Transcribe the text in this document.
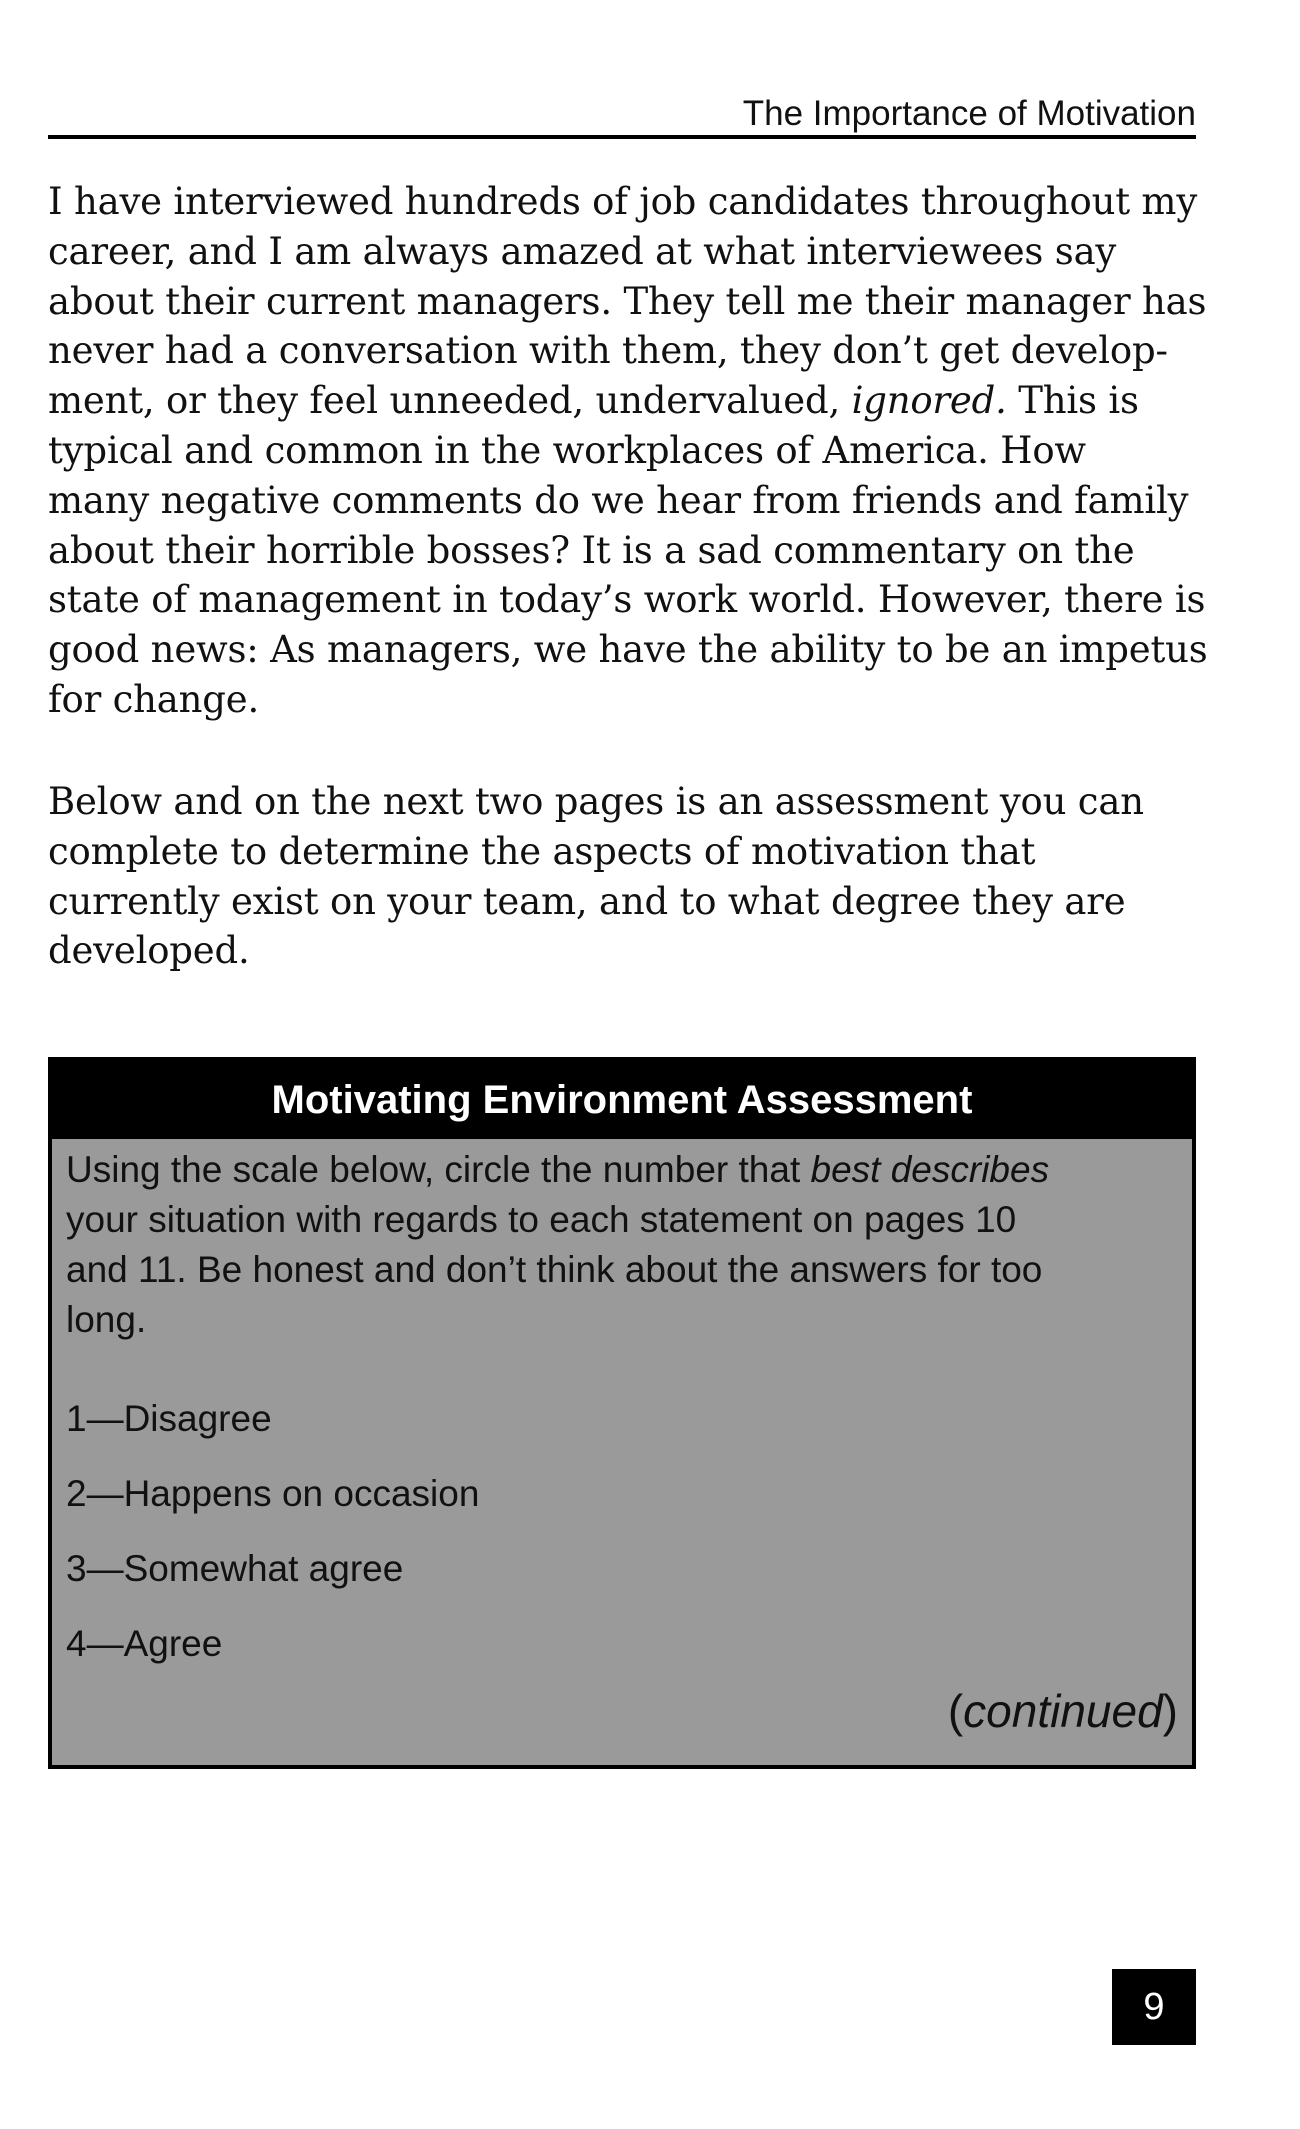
The Importance of Motivation
I have interviewed hundreds of job candidates throughout my
career, and I am always amazed at what interviewees say
about their current managers. They tell me their manager has
never had a conversation with them, they don’t get develop-
ment, or they feel unneeded, undervalued, ignored. This is
typical and common in the workplaces of America. How
many negative comments do we hear from friends and family
about their horrible bosses? It is a sad commentary on the
state of management in today’s work world. However, there is
good news: As managers, we have the ability to be an impetus
for change.
Below and on the next two pages is an assessment you can
complete to determine the aspects of motivation that
currently exist on your team, and to what degree they are
developed.
Motivating Environment Assessment
Using the scale below, circle the number that best describes
your situation with regards to each statement on pages 10
and 11. Be honest and don’t think about the answers for too
long.
1—Disagree
2—Happens on occasion
3—Somewhat agree
4—Agree
(continued)
9
